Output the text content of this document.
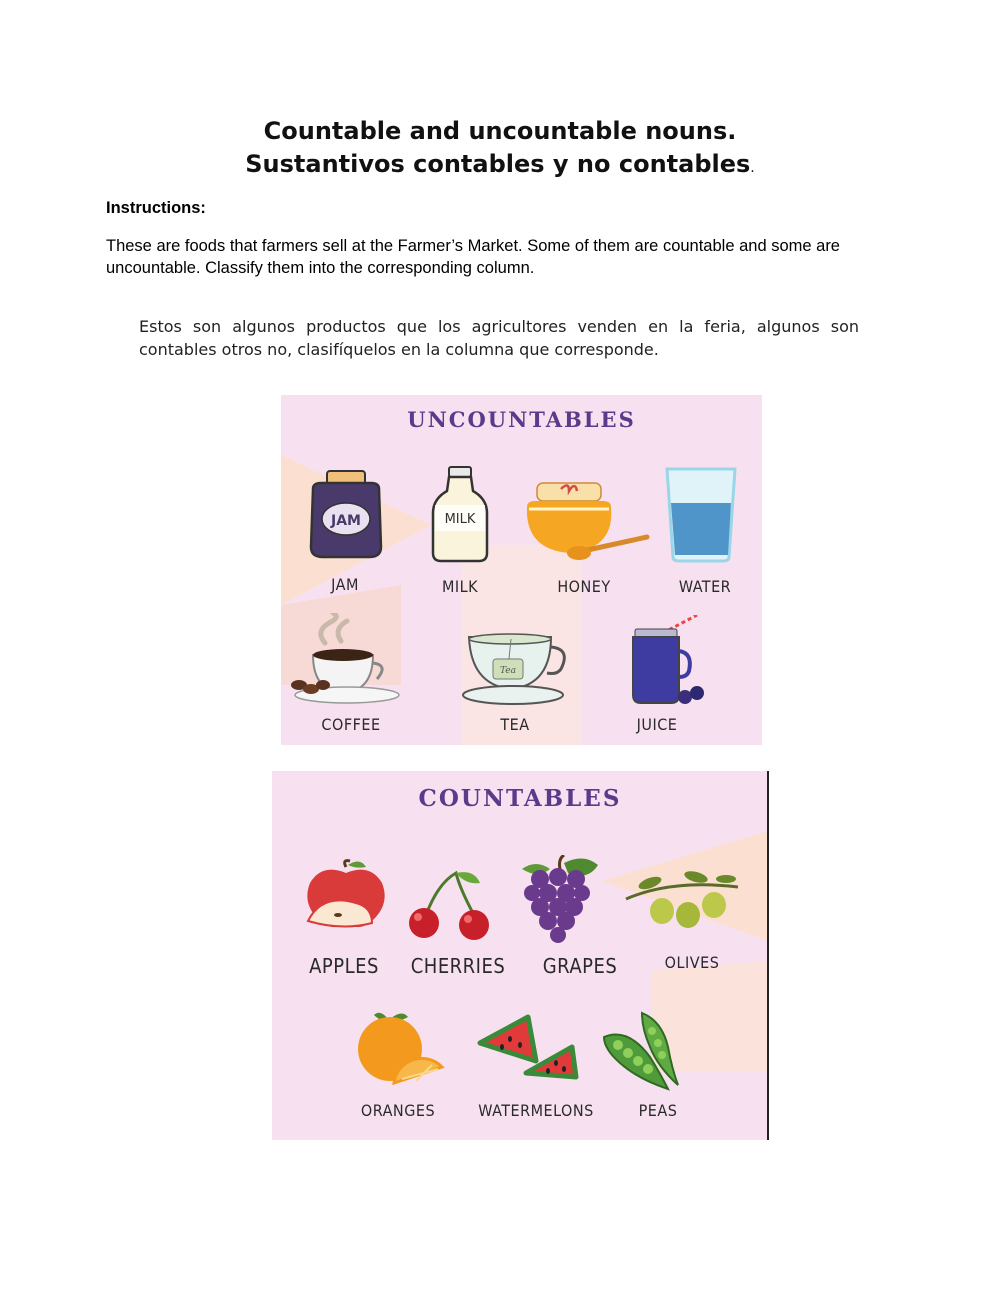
Countable and uncountable nouns.
Sustantivos contables y no contables.
Instructions:
These are foods that farmers sell at the Farmer’s Market. Some of them are countable and some are uncountable. Classify them into the corresponding column.
Estos son algunos productos que los agricultores venden en la feria, algunos son contables otros no, clasifíquelos en la columna que corresponde.
UNCOUNTABLES
JAM
JAM
MILK
MILK	HONEY	WATER
COFFEE
Tea
TEA	JUICE
COUNTABLES
APPLES CHERRIES GRAPES	OLIVES
ORANGES	WATERMELONS	PEAS
